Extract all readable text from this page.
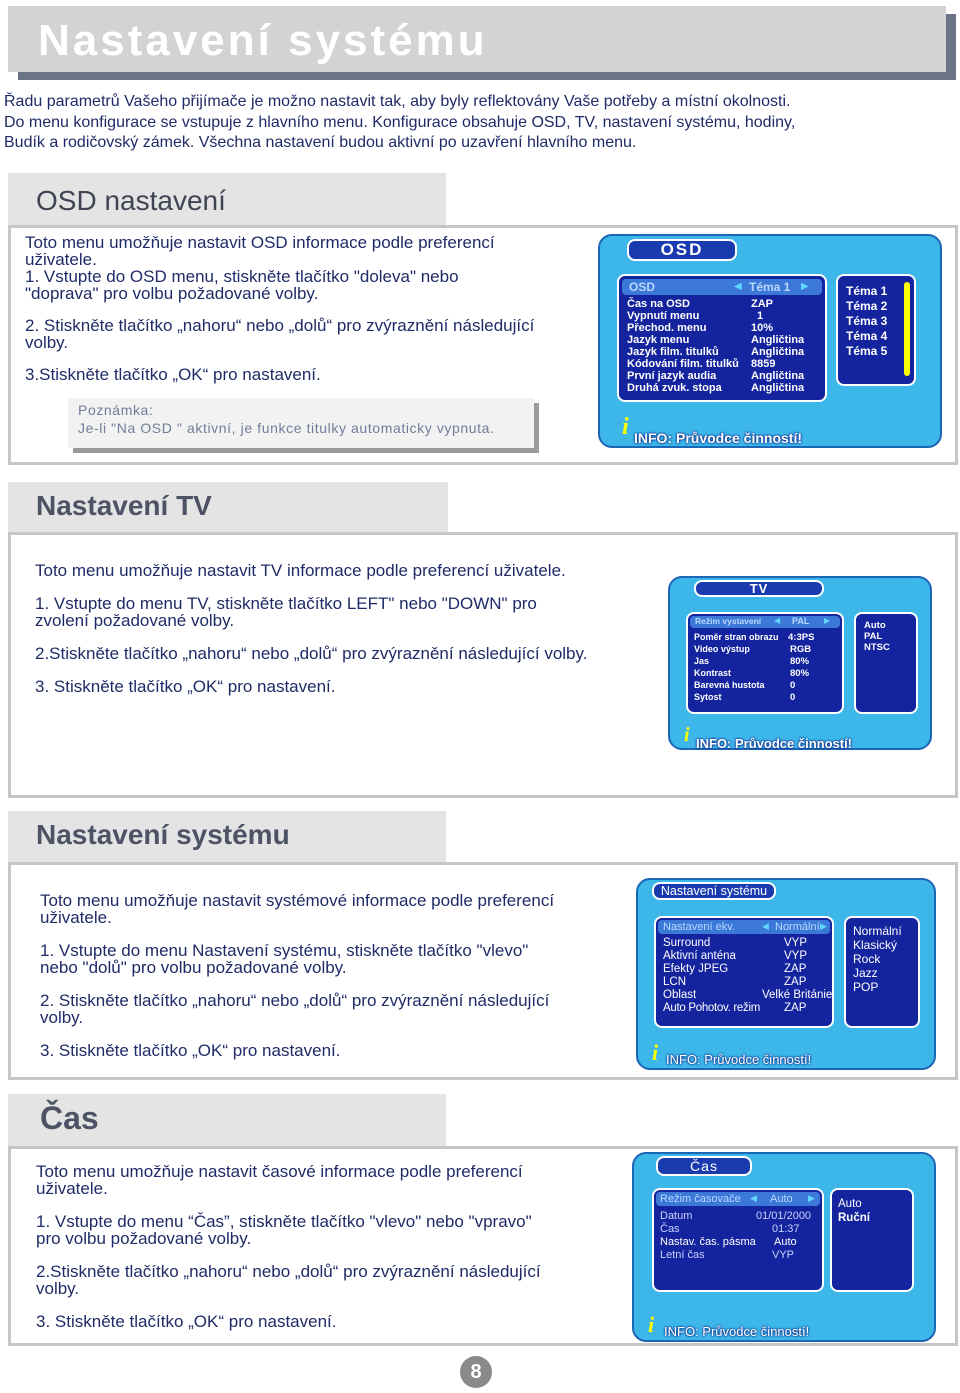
Nastavení systému

Řadu parametrů Vašeho přijímače je možno nastavit tak, aby byly reflektovány Vaše potřeby a místní okolnosti.

Do menu konfigurace se vstupuje z hlavního menu. Konfigurace obsahuje OSD, TV, nastavení systému, hodiny,

Budík a rodičovský zámek. Všechna nastavení budou aktivní po uzavření hlavního menu.

OSD nastavení

Toto menu umožňuje nastavit OSD informace podle preferencí

uživatele.

1. Vstupte do OSD menu, stiskněte tlačítko "doleva" nebo

"doprava" pro volbu požadované volby.

2. Stiskněte tlačítko „nahoru“ nebo „dolů“ pro zvýraznění následující

volby.

3.Stiskněte tlačítko „OK“ pro nastavení.

Poznámka:
Je-li "Na OSD " aktivní, je funkce titulky automaticky vypnuta.
OSD
OSD	◀ Téma 1 ▶
Čas na OSD	ZAP
Vypnutí menu	1
Přechod. menu	10%
Jazyk menu	Angličtina
Jazyk film. titulků	Angličtina
Kódování film. titulků 8859
První jazyk audia	Angličtina
Druhá zvuk. stopa	Angličtina
Téma 1
Téma 2
Téma 3
Téma 4
Téma 5
i INFO: Průvodce činností!
Nastavení TV

Toto menu umožňuje nastavit TV informace podle preferencí uživatele.

1. Vstupte do menu TV, stiskněte tlačítko LEFT" nebo "DOWN" pro

zvolení požadované volby.

2.Stiskněte tlačítko „nahoru“ nebo „dolů“ pro zvýraznění následující volby.

3. Stiskněte tlačítko „OK“ pro nastavení.

TV
Režim vystavení ◀ PAL ▶
Poměr stran obrazu 4:3PS
Video výstup	RGB
Jas	80%
Kontrast	80%
Barevná hustota	0
Sytost	0
Auto
PAL
NTSC
i INFO: Průvodce činností!
Nastavení systému

Toto menu umožňuje nastavit systémové informace podle preferencí

uživatele.

1. Vstupte do menu Nastavení systému, stiskněte tlačítko "vlevo"

nebo "dolů" pro volbu požadované volby.

2. Stiskněte tlačítko „nahoru“ nebo „dolů“ pro zvýraznění následující

volby.

3. Stiskněte tlačítko „OK“ pro nastavení.

Nastavení systému
Nastavení ekv.	◀ Normální ▶
Surround	VYP
Aktivní anténa	VYP
Efekty JPEG	ZAP
LCN	ZAP
Oblast	Velké Británie
Auto Pohotov. režim ZAP
Normální
Klasický
Rock
Jazz
POP
i INFO: Průvodce činností!
Čas

Toto menu umožňuje nastavit časové informace podle preferencí

uživatele.

1. Vstupte do menu “Čas”, stiskněte tlačítko "vlevo" nebo "vpravo"

pro volbu požadované volby.

2.Stiskněte tlačítko „nahoru“ nebo „dolů“ pro zvýraznění následující

volby.

3. Stiskněte tlačítko „OK“ pro nastavení.

Čas
Režim časovače ◀ Auto ▶
Datum	01/01/2000
Čas	01:37
Nastav. čas. pásma Auto
Letní čas	VYP
Auto
Ruční
i INFO: Průvodce činností!
8
